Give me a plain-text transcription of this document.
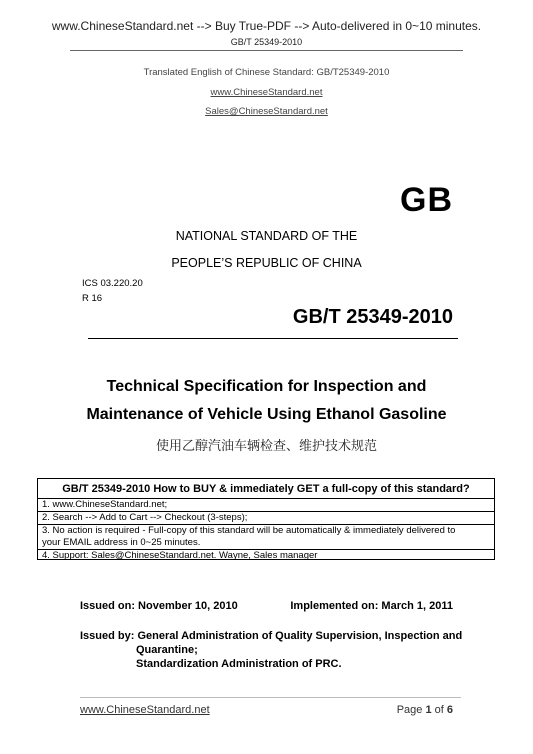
www.ChineseStandard.net --> Buy True-PDF --> Auto-delivered in 0~10 minutes.
GB/T 25349-2010
Translated English of Chinese Standard: GB/T25349-2010
www.ChineseStandard.net
Sales@ChineseStandard.net
GB
NATIONAL STANDARD OF THE
PEOPLE’S REPUBLIC OF CHINA
ICS 03.220.20
R 16
GB/T 25349-2010
Technical Specification for Inspection and
Maintenance of Vehicle Using Ethanol Gasoline
使用乙醇汽油车辆检查、维护技术规范
GB/T 25349-2010 How to BUY & immediately GET a full-copy of this standard?
1. www.ChineseStandard.net;
2. Search --> Add to Cart --> Checkout (3-steps);
3. No action is required - Full-copy of this standard will be automatically & immediately delivered to
your EMAIL address in 0~25 minutes.
4. Support: Sales@ChineseStandard.net. Wayne, Sales manager
Issued on: November 10, 2010	Implemented on: March 1, 2011
Issued by: General Administration of Quality Supervision, Inspection and
Quarantine;
Standardization Administration of PRC.
www.ChineseStandard.net	Page 1 of 6
